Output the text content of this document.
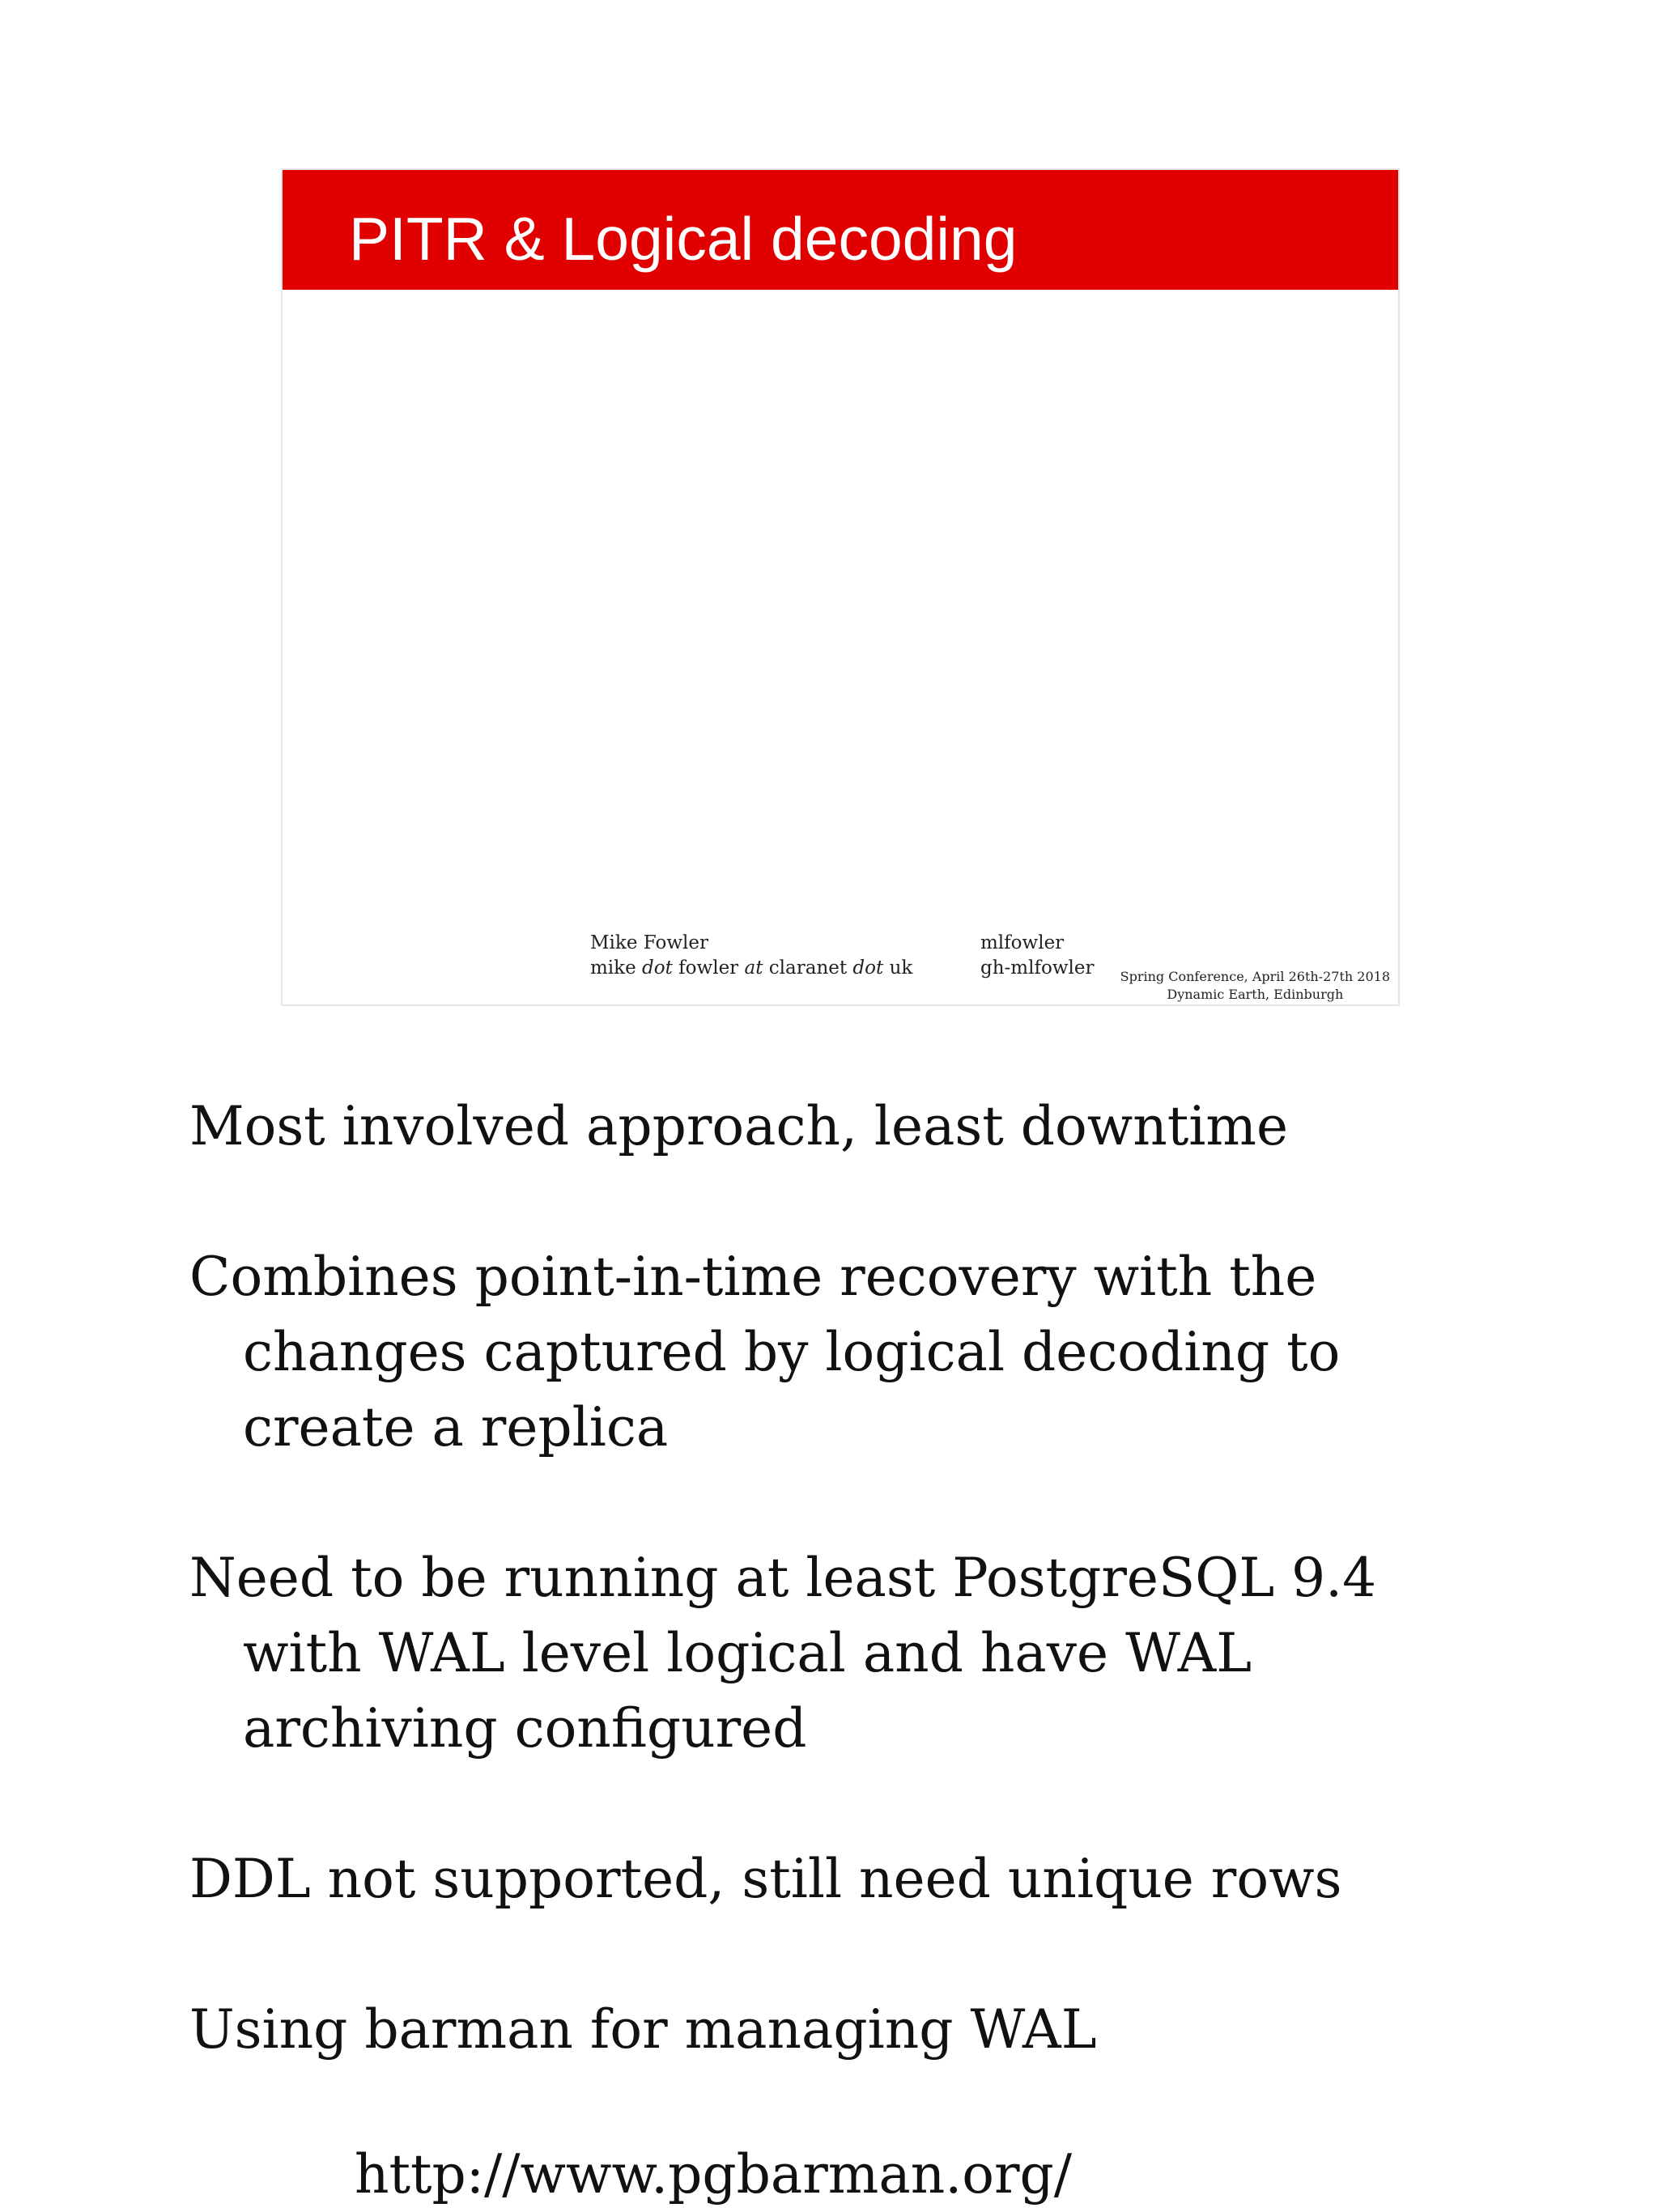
PITR & Logical decoding
Mike Fowler
mike dot fowler at claranet dot uk
mlfowler
gh-mlfowler Spring Conference, April 26th-27th 2018
Dynamic Earth, Edinburgh
Most involved approach, least downtime
Combines point-in-time recovery with the changes captured by logical decoding to create a replica
Need to be running at least PostgreSQL 9.4 with WAL level logical and have WAL archiving configured
DDL not supported, still need unique rows
Using barman for managing WAL
http://www.pgbarman.org/
